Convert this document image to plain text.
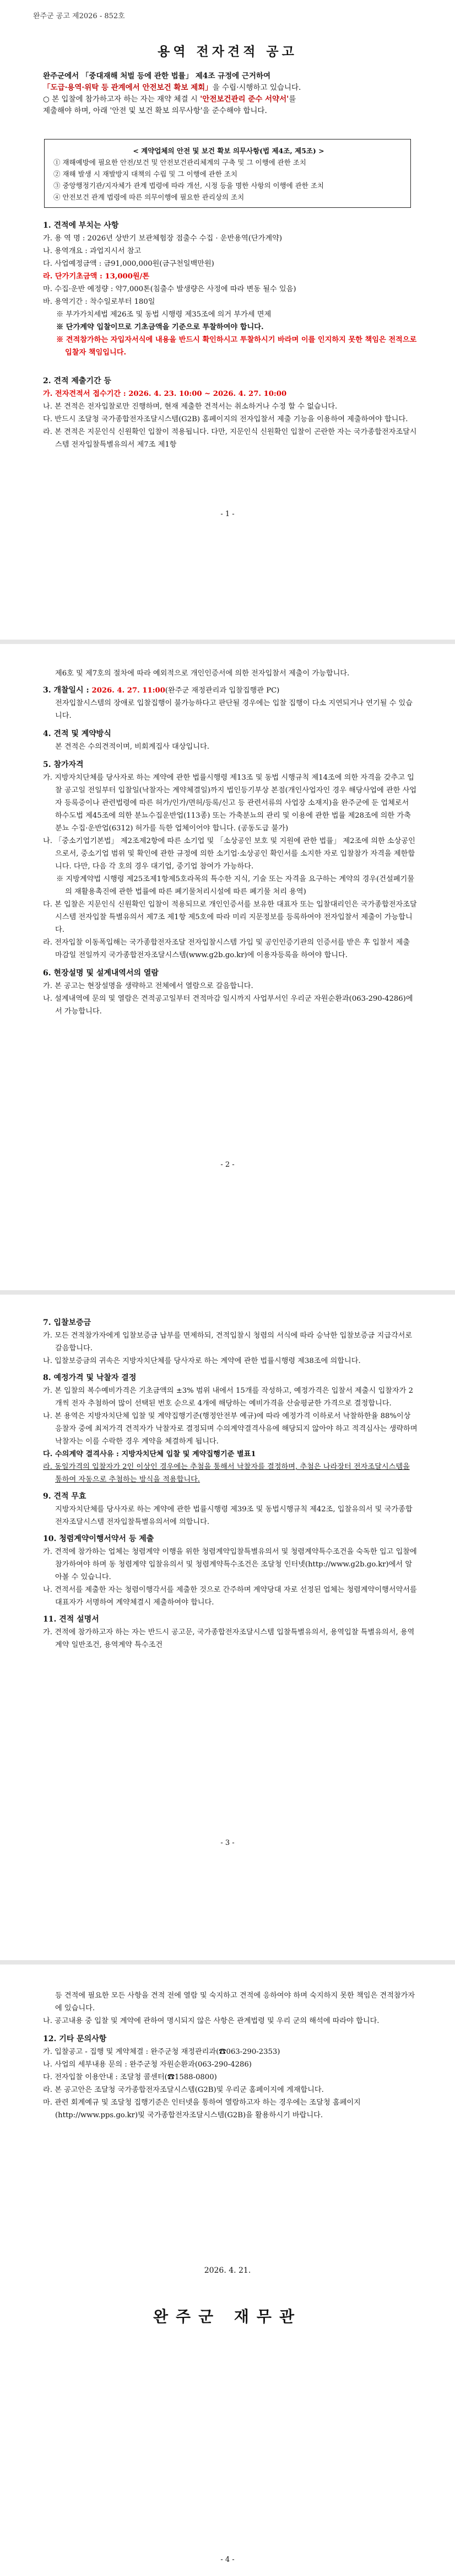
완주군 공고 제2026 - 852호
용역 전자견적 공고
완주군에서 「중대재해 처벌 등에 관한 법률」 제4조 규정에 근거하여
「도급·용역·위탁 등 관계에서 안전보건 확보 제회」을 수립·시행하고 있습니다.
○ 본 입찰에 참가하고자 하는 자는 재약 체결 시 '안전보건관리 준수 서약서'를
제출해야 하며, 아래 '안전 및 보건 확보 의무사항'을 준수해야 합니다.
< 계약업체의 안전 및 보건 확보 의무사항(법 제4조, 제5조) >
① 재해예방에 필요한 안전/보건 및 안전보건관리체계의 구축 및 그 이행에 관한 조치
② 재해 발생 시 재발방지 대책의 수립 및 그 이행에 관한 조치
③ 중앙행정기관/지자체가 관계 법령에 따라 개선, 시정 등을 명한 사항의 이행에 관한 조치
④ 안전보건 관계 법령에 따른 의무이행에 필요한 관리상의 조치
1. 견적에 부치는 사항

가. 용 역 명 : 2026년 상반기 보관체험장 점출수 수집 · 운반용역(단가계약)

나. 용역개요 : 과업지시서 참고

다. 사업예정금액 : 금91,000,000원(금구천일백만원)

라. 단가기초금액 : 13,000원/톤

마. 수집·운반 예정량 : 약7,000톤(침출수 발생량은 사정에 따라 변동 될수 있음)

바. 용역기간 : 착수일로부터 180일

※ 부가가치세법 제26조 및 동법 시행령 제35조에 의거 부가세 면제

※ 단가계약 입찰이므로 기초금액을 기준으로 투찰하여야 합니다.

※ 견적참가하는 자입자서식에 내용을 반드시 확인하시고 투찰하시기 바라며 이를 인지하지 못한 책임은 전적으로 입찰자 책임입니다.

2. 견적 제출기간 등

가. 전자견적서 접수기간 : 2026. 4. 23. 10:00 ~ 2026. 4. 27. 10:00

나. 본 견적은 전자입찰로만 진행하며, 현재 제출한 견적서는 취소하거나 수정 할 수 없습니다.

다. 반드시 조달청 국가종합전자조달시스템(G2B) 홈페이지의 전자입찰서 제출 기능을 이용하여 제출하여야 합니다.

라. 본 견적은 지문인식 신원확인 입찰이 적용됩니다. 다만, 지문인식 신원확인 입찰이 곤란한 자는 국가종합전자조달시스템 전자입찰특별유의서 제7조 제1항

- 1 -

제6호 및 제7호의 절차에 따라 예외적으로 개인인증서에 의한 전자입찰서 제출이 가능합니다.

3. 개찰일시 : 2026. 4. 27. 11:00(완주군 재정관리과 입찰집행관 PC)

전자입찰시스템의 장애로 입찰집행이 불가능하다고 판단될 경우에는 입찰 집행이 다소 지연되거나 연기될 수 있습니다.

4. 견적 및 계약방식

본 견적은 수의견적이며, 비회계집사 대상입니다.

5. 참가자격

가. 지방자치단체를 당사자로 하는 계약에 관한 법률시행령 제13조 및 동법 시행규칙 제14조에 의한 자격을 갖추고 입찰 공고일 전일부터 입찰일(낙찰자는 계약체결일)까지 법인등기부상 본점(개인사업자인 경우 해당사업에 관한 사업자 등록증이나 관련법령에 따른 허가/인가/면허/등록/신고 등 관련서류의 사업장 소재지)을 완주군에 둔 업체로서 하수도법 제45조에 의한 분뇨수집운반업(113종) 또는 가축분뇨의 관리 및 이용에 관한 법률 제28조에 의한 가축분뇨 수집·운반업(6312) 허가를 득한 업체이어야 합니다. (공동도급 불가)

나. 「중소기업기본법」 제2조제2항에 따른 소기업 및 「소상공인 보호 및 지원에 관한 법률」 제2조에 의한 소상공인으로서, 중소기업 범위 및 확인에 관한 규정에 의한 소기업·소상공인 확인서를 소지한 자로 입찰참가 자격을 제한합니다. 다만, 다음 각 호의 경우 대기업, 중기업 참여가 가능하다.

※ 지방계약법 시행령 제25조제1항제5호라목의 특수한 지식, 기술 또는 자격을 요구하는 계약의 경우(건설폐기물의 재활용촉진에 관한 법률에 따른 폐기물처리시설에 따른 폐기물 처리 용역)

다. 본 입찰은 지문인식 신원확인 입찰이 적용되므로 개인인증서를 보유한 대표자 또는 입찰대리인은 국가종합전자조달시스템 전자입찰 특별유의서 제7조 제1항 제5호에 따라 미리 지문정보를 등록하여야 전자입찰서 제출이 가능합니다.

라. 전자입찰 이동폭입해는 국가종합전자조달 전자입찰시스템 가입 및 공인인증기관의 인증서를 받은 후 입찰서 제출 마감일 전일까지 국가종합전자조달시스템(www.g2b.go.kr)에 이용자등록을 하여야 합니다.

6. 현장설명 및 설계내역서의 열람

가. 본 공고는 현장설명을 생략하고 전체에서 열람으로 갈음합니다.

나. 설계내역에 문의 및 열람은 견적공고일부터 견적마감 일시까지 사업부서인 우리군 자원순환과(063-290-4286)에서 가능합니다.

- 2 -
7. 입찰보증금

가. 모든 견적참가자에게 입찰보증금 납부를 면제하되, 견적입찰시 청렴의 서식에 따라 승낙한 입찰보증금 지급각서로 갈음합니다.

나. 입찰보증금의 귀속은 지방자치단체를 당사자로 하는 계약에 관한 법률시행령 제38조에 의합니다.

8. 예정가격 및 낙찰자 결정

가. 본 입찰의 복수예비가격은 기초금액의 ±3% 범위 내에서 15개를 작성하고, 예정가격은 입찰서 제출시 입찰자가 2개씩 전자 추첨하여 많이 선택된 번호 순으로 4개에 해당하는 예비가격을 산술평균한 가격으로 결정합니다.

나. 본 용역은 지방자치단체 입찰 및 계약집행기준(행정안전부 예규)에 따라 예정가격 이하로서 낙찰하한율 88%이상 응찰자 중에 최저가격 견적자가 낙찰자로 결정되며 수의계약결격사유에 해당되지 않아야 하고 적격심사는 생략하며 낙찰자는 이를 수락한 경우 계약을 체결하게 됩니다.

다. 수의계약 결격사유 : 지방자치단체 입찰 및 계약집행기준 별표1

라. 동일가격의 입찰자가 2인 이상인 경우에는 추첨을 통해서 낙찰자를 결정하며, 추첨은 나라장터 전자조달시스템을 통하여 자동으로 추첨하는 방식을 적용합니다.

9. 견적 무효

지방자치단체를 당사자로 하는 계약에 관한 법률시행령 제39조 및 동법시행규칙 제42조, 입찰유의서 및 국가종합전자조달시스템 전자입찰특별유의서에 의합니다.

10. 청렴계약이행서약서 등 제출

가. 견적에 참가하는 업체는 청렴계약 이행을 위한 청렴계약입찰특별유의서 및 청렴계약특수조건을 숙독한 입고 입찰에 참가하여야 하며 동 청렴계약 입찰유의서 및 청렴계약특수조건은 조달청 인터넷(http://www.g2b.go.kr)에서 알아볼 수 있습니다.

나. 견적서를 제출한 자는 청렴이행각서를 제출한 것으로 간주하며 계약당대 자로 선정된 업체는 청렴계약이행서약서를 대표자가 서명하여 계약체결시 제출하여야 합니다.

11. 견적 설명서

가. 견적에 참가하고자 하는 자는 반드시 공고문, 국가종합전자조달시스템 입찰특별유의서, 용역입찰 특별유의서, 용역계약 일반조건, 용역계약 특수조건

- 3 -

등 견적에 필요한 모든 사항을 견적 전에 열람 및 숙지하고 견적에 응하여야 하며 숙지하지 못한 책임은 견적참가자에 있습니다.

나. 공고내용 중 입찰 및 계약에 관하여 명시되지 않은 사항은 관계법령 및 우리 군의 해석에 따라야 합니다.

12. 기타 문의사항

가. 입찰공고 - 집행 및 계약체결 : 완주군청 재정관리과(☎063-290-2353)

나. 사업의 세부내용 문의 : 완주군청 자원순환과(063-290-4286)

다. 전자입찰 이용안내 : 조달청 콜센터(☎1588-0800)

라. 본 공고안은 조달청 국가종합전자조달시스템(G2B)및 우리군 홈페이지에 게재합니다.

마. 관련 회계예규 및 조달청 집행기준은 인터넷을 통하여 열람하고자 하는 경우에는 조달청 홈페이지(http://www.pps.go.kr)및 국가종합전자조달시스템(G2B)을 활용하시기 바랍니다.

2026. 4. 21.
완주군 재무관
- 4 -
